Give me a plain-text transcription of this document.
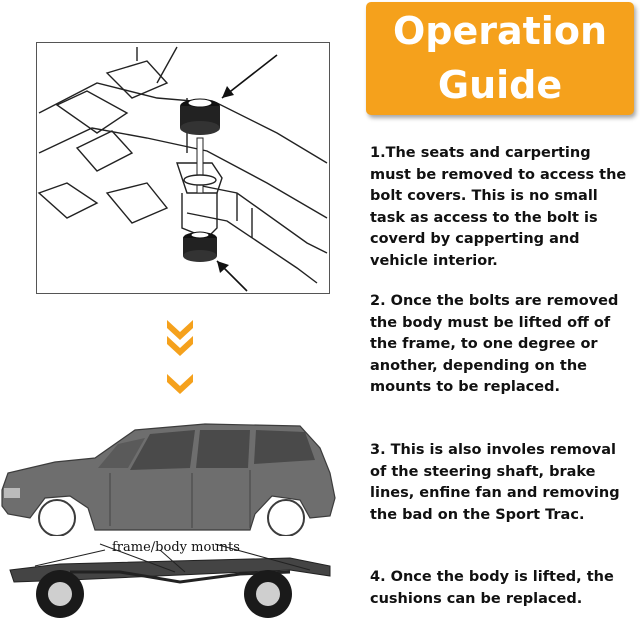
frame/body mounts
Operation
Guide
1.The seats and carperting must be removed to access the bolt covers. This is no small task as access to the bolt is coverd by capperting and vehicle interior.
2. Once the bolts are removed the body must be lifted off of the frame, to one degree or another, depending on the mounts to be replaced.
3. This is also involes removal of the steering shaft, brake lines, enfine fan and removing the bad on the Sport Trac.
4. Once the body is lifted, the cushions can be replaced.
